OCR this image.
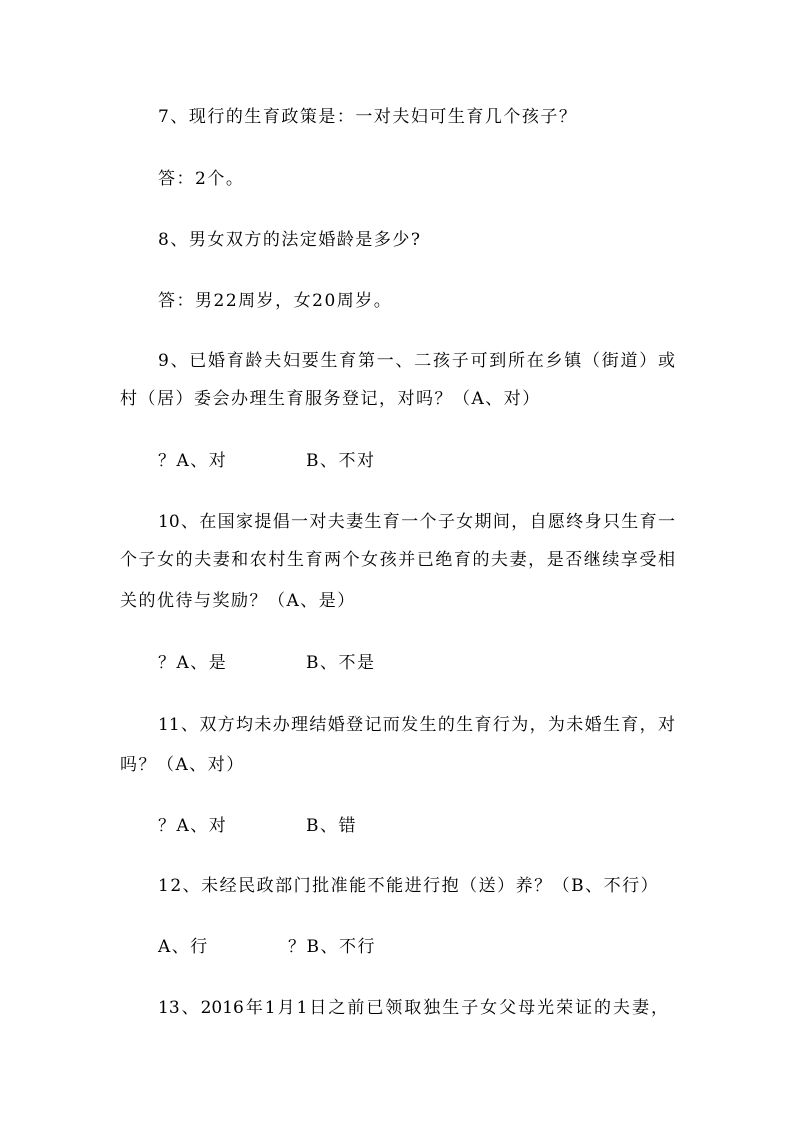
7、现行的生育政策是：一对夫妇可生育几个孩子？
答：2个。
8、男女双方的法定婚龄是多少?
答：男22周岁，女20周岁。
9、已婚育龄夫妇要生育第一、二孩子可到所在乡镇（街道）或
村（居）委会办理生育服务登记，对吗？（A、对）
？A、对	B、不对
10、在国家提倡一对夫妻生育一个子女期间，自愿终身只生育一
个子女的夫妻和农村生育两个女孩并已绝育的夫妻，是否继续享受相
关的优待与奖励？（A、是）
？A、是	B、不是
11、双方均未办理结婚登记而发生的生育行为，为未婚生育，对
吗？（A、对）
？A、对	B、错
12、未经民政部门批准能不能进行抱（送）养？（B、不行）
A、行	？B、不行
13、2016年1月1日之前已领取独生子女父母光荣证的夫妻，
